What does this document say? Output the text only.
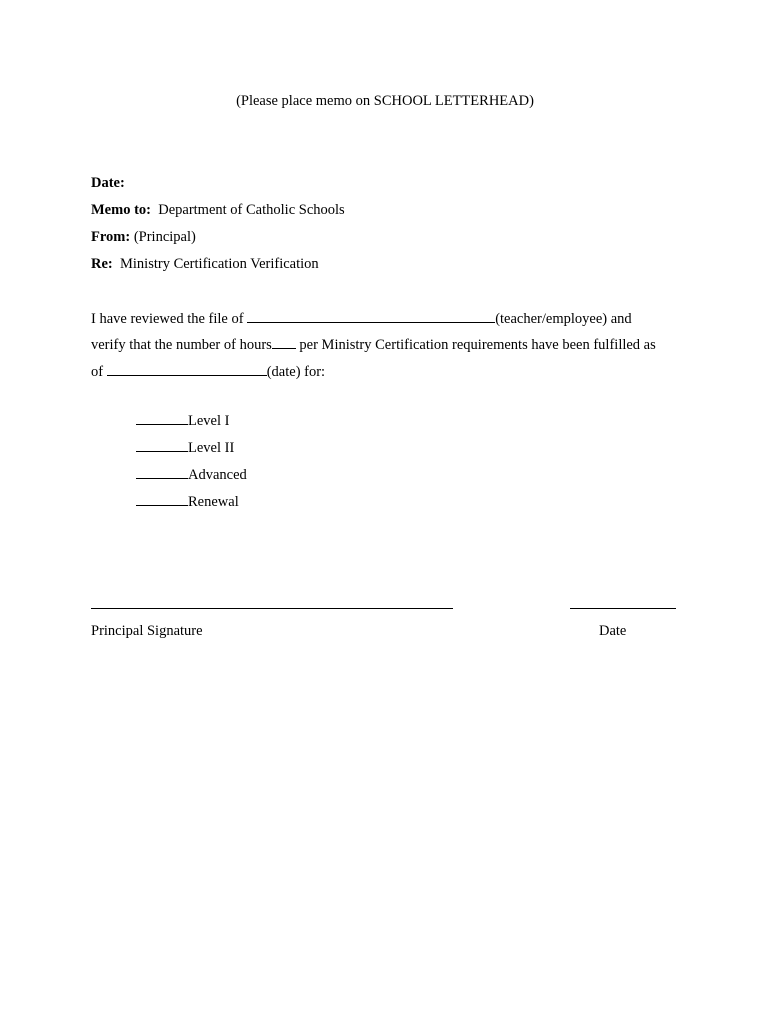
(Please place memo on SCHOOL LETTERHEAD)
Date:
Memo to: Department of Catholic Schools
From: (Principal)
Re: Ministry Certification Verification
I have reviewed the file of	(teacher/employee) and
verify that the number of hours per Ministry Certification requirements have been fulfilled as
of	(date) for:
Level I
Level II
Advanced
Renewal
Principal Signature	Date
